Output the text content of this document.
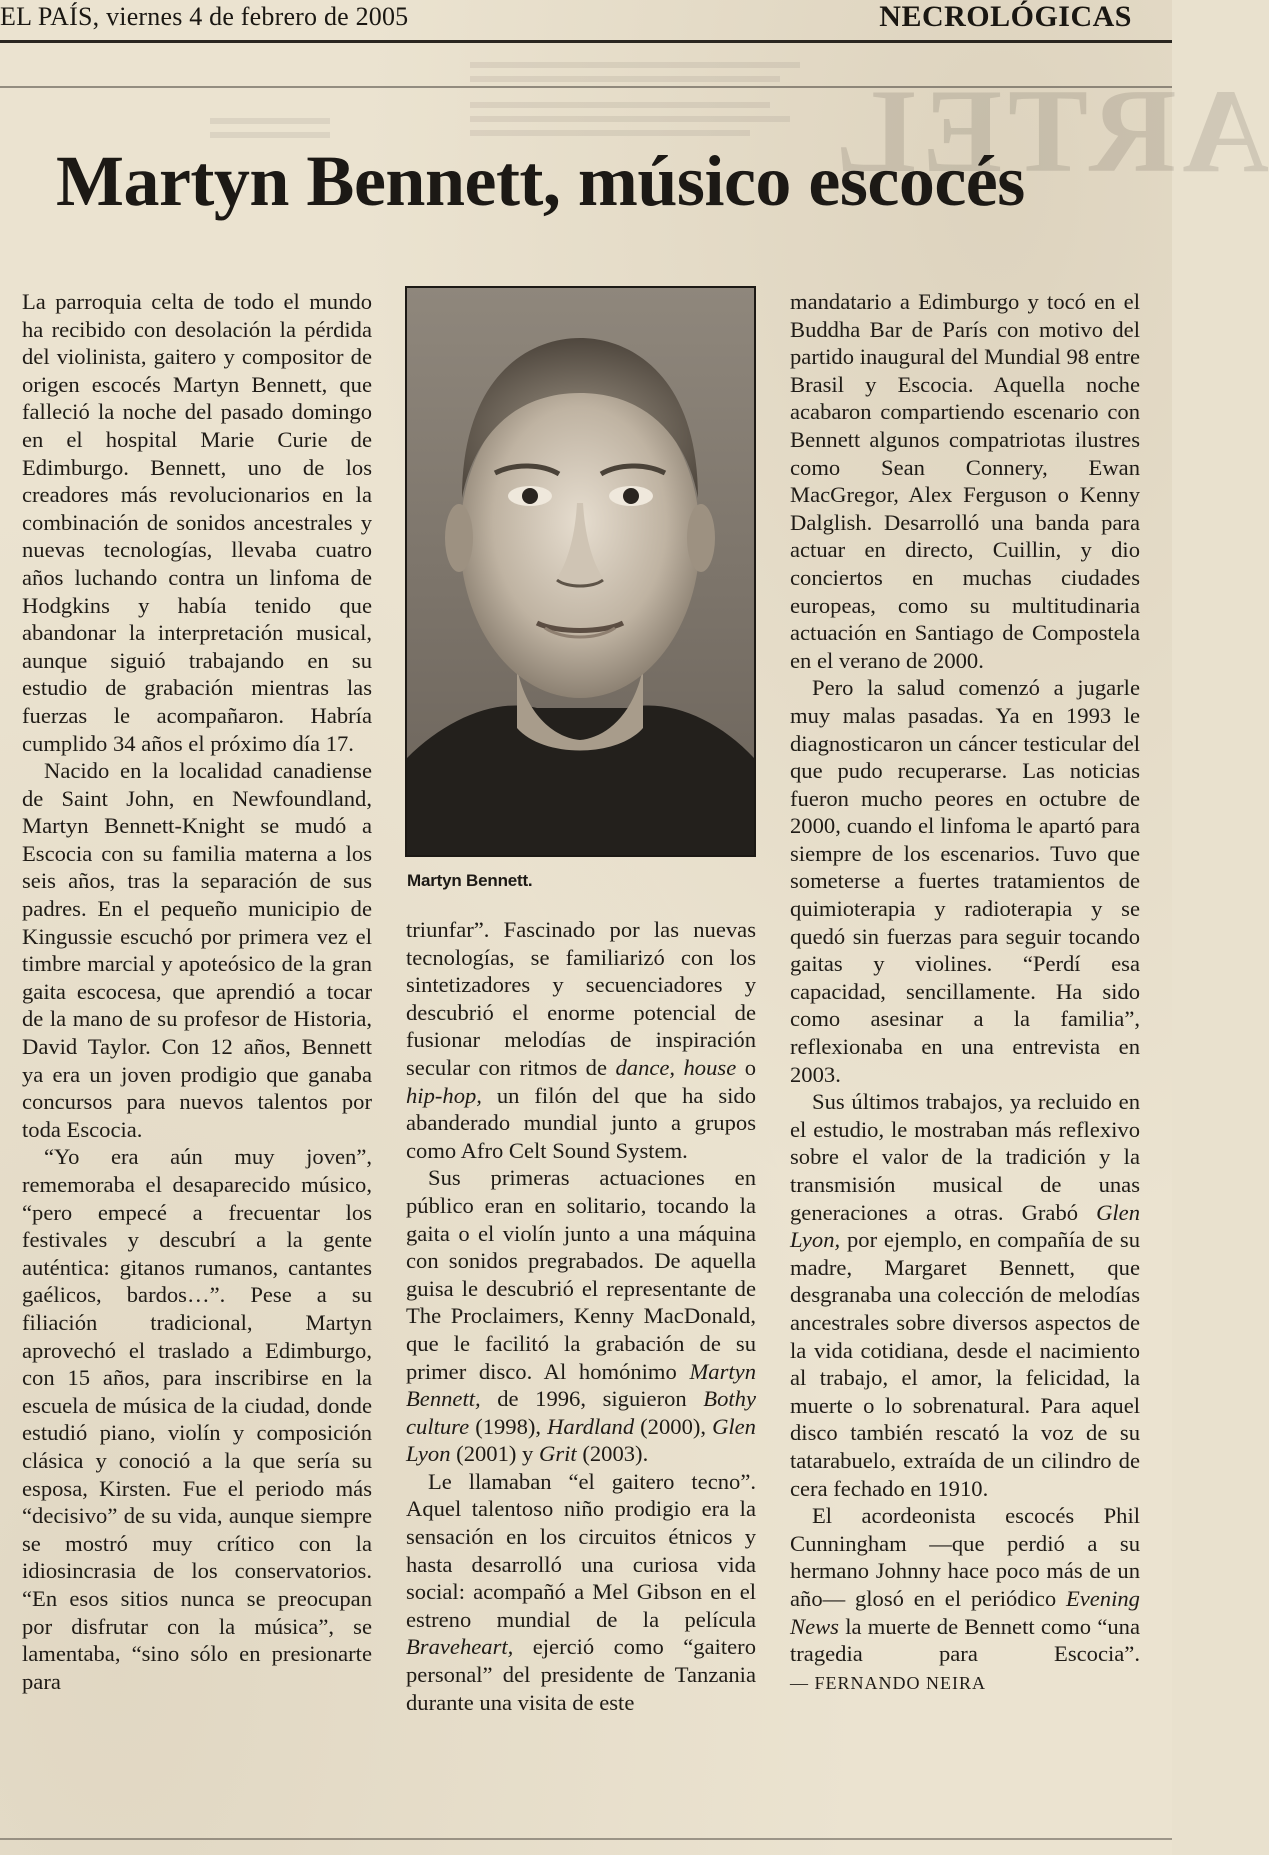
ARTEL
EL PAÍS, viernes 4 de febrero de 2005	NECROLÓGICAS
Martyn Bennett, músico escocés

La parroquia celta de todo el mundo ha recibido con desolación la pérdida del violinista, gaitero y compositor de origen escocés Martyn Bennett, que falleció la noche del pasado domingo en el hospital Marie Curie de Edimburgo. Bennett, uno de los creadores más revolucionarios en la combinación de sonidos ancestrales y nuevas tecnologías, llevaba cuatro años luchando contra un linfoma de Hodgkins y había tenido que abandonar la interpretación musical, aunque siguió trabajando en su estudio de grabación mientras las fuerzas le acompañaron. Habría cumplido 34 años el próximo día 17.

Nacido en la localidad canadiense de Saint John, en Newfoundland, Martyn Bennett-Knight se mudó a Escocia con su familia materna a los seis años, tras la separación de sus padres. En el pequeño municipio de Kingussie escuchó por primera vez el timbre marcial y apoteósico de la gran gaita escocesa, que aprendió a tocar de la mano de su profesor de Historia, David Taylor. Con 12 años, Bennett ya era un joven prodigio que ganaba concursos para nuevos talentos por toda Escocia.

“Yo era aún muy joven”, rememoraba el desaparecido músico, “pero empecé a frecuentar los festivales y descubrí a la gente auténtica: gitanos rumanos, cantantes gaélicos, bardos…”. Pese a su filiación tradicional, Martyn aprovechó el traslado a Edimburgo, con 15 años, para inscribirse en la escuela de música de la ciudad, donde estudió piano, violín y composición clásica y conoció a la que sería su esposa, Kirsten. Fue el periodo más “decisivo” de su vida, aunque siempre se mostró muy crítico con la idiosincrasia de los conservatorios. “En esos sitios nunca se preocupan por disfrutar con la música”, se lamentaba, “sino sólo en presionarte para

Martyn Bennett.

triunfar”. Fascinado por las nuevas tecnologías, se familiarizó con los sintetizadores y secuenciadores y descubrió el enorme potencial de fusionar melodías de inspiración secular con ritmos de dance, house o hip-hop, un filón del que ha sido abanderado mundial junto a grupos como Afro Celt Sound System.

Sus primeras actuaciones en público eran en solitario, tocando la gaita o el violín junto a una máquina con sonidos pregrabados. De aquella guisa le descubrió el representante de The Proclaimers, Kenny MacDonald, que le facilitó la grabación de su primer disco. Al homónimo Martyn Bennett, de 1996, siguieron Bothy culture (1998), Hardland (2000), Glen Lyon (2001) y Grit (2003).

Le llamaban “el gaitero tecno”. Aquel talentoso niño prodigio era la sensación en los circuitos étnicos y hasta desarrolló una curiosa vida social: acompañó a Mel Gibson en el estreno mundial de la película Braveheart, ejerció como “gaitero personal” del presidente de Tanzania durante una visita de este

mandatario a Edimburgo y tocó en el Buddha Bar de París con motivo del partido inaugural del Mundial 98 entre Brasil y Escocia. Aquella noche acabaron compartiendo escenario con Bennett algunos compatriotas ilustres como Sean Connery, Ewan MacGregor, Alex Ferguson o Kenny Dalglish. Desarrolló una banda para actuar en directo, Cuillin, y dio conciertos en muchas ciudades europeas, como su multitudinaria actuación en Santiago de Compostela en el verano de 2000.

Pero la salud comenzó a jugarle muy malas pasadas. Ya en 1993 le diagnosticaron un cáncer testicular del que pudo recuperarse. Las noticias fueron mucho peores en octubre de 2000, cuando el linfoma le apartó para siempre de los escenarios. Tuvo que someterse a fuertes tratamientos de quimioterapia y radioterapia y se quedó sin fuerzas para seguir tocando gaitas y violines. “Perdí esa capacidad, sencillamente. Ha sido como asesinar a la familia”, reflexionaba en una entrevista en 2003.

Sus últimos trabajos, ya recluido en el estudio, le mostraban más reflexivo sobre el valor de la tradición y la transmisión musical de unas generaciones a otras. Grabó Glen Lyon, por ejemplo, en compañía de su madre, Margaret Bennett, que desgranaba una colección de melodías ancestrales sobre diversos aspectos de la vida cotidiana, desde el nacimiento al trabajo, el amor, la felicidad, la muerte o lo sobrenatural. Para aquel disco también rescató la voz de su tatarabuelo, extraída de un cilindro de cera fechado en 1910.

El acordeonista escocés Phil Cunningham —que perdió a su hermano Johnny hace poco más de un año— glosó en el periódico Evening News la muerte de Bennett como “una tragedia para Escocia”.— FERNANDO NEIRA
